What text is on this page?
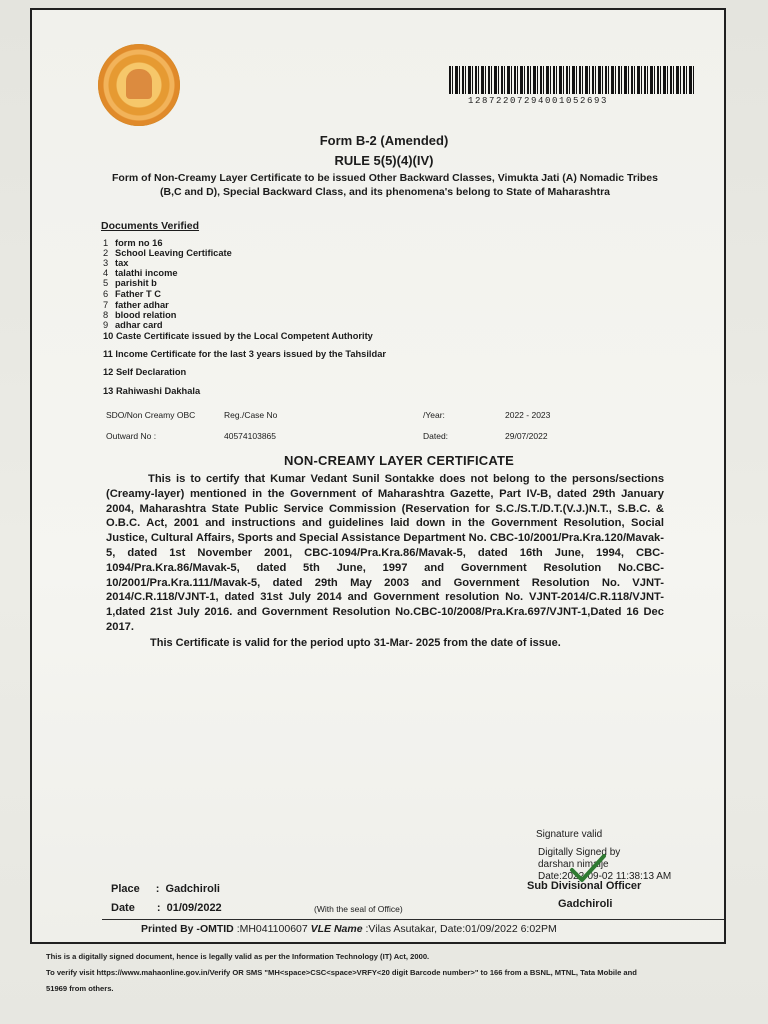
12872207294001052693
Form B-2 (Amended)
RULE 5(5)(4)(IV)
Form of Non-Creamy Layer Certificate to be issued Other Backward Classes, Vimukta Jati (A) Nomadic Tribes (B,C and D), Special Backward Class, and its phenomena's belong to State of Maharashtra
Documents Verified
1 form no 16
2 School Leaving Certificate
3 tax
4 talathi income
5 parishit b
6 Father T C
7 father adhar
8 blood relation
9 adhar card
10 Caste Certificate issued by the Local Competent Authority
11 Income Certificate for the last 3 years issued by the Tahsildar
12 Self Declaration
13 Rahiwashi Dakhala
SDO/Non Creamy OBC	Reg./Case No	/Year:	2022 - 2023
Outward No :	40574103865	Dated:	29/07/2022
NON-CREAMY LAYER CERTIFICATE
This is to certify that Kumar Vedant Sunil Sontakke does not belong to the persons/sections (Creamy-layer) mentioned in the Government of Maharashtra Gazette, Part IV-B, dated 29th January 2004, Maharashtra State Public Service Commission (Reservation for S.C./S.T./D.T.(V.J.)N.T., S.B.C. & O.B.C. Act, 2001 and instructions and guidelines laid down in the Government Resolution, Social Justice, Cultural Affairs, Sports and Special Assistance Department No. CBC-10/2001/Pra.Kra.120/Mavak-5, dated 1st November 2001, CBC-1094/Pra.Kra.86/Mavak-5, dated 16th June, 1994, CBC-1094/Pra.Kra.86/Mavak-5, dated 5th June, 1997 and Government Resolution No.CBC- 10/2001/Pra.Kra.111/Mavak-5, dated 29th May 2003 and Government Resolution No. VJNT-2014/C.R.118/VJNT-1, dated 31st July 2014 and Government resolution No. VJNT-2014/C.R.118/VJNT-1,dated 21st July 2016. and Government Resolution No.CBC-10/2008/Pra.Kra.697/VJNT-1,Dated 16 Dec 2017.
This Certificate is valid for the period upto 31-Mar- 2025 from the date of issue.
Signature valid
Digitally Signed by
darshan nimalje
Date:2022-09-02 11:38:13 AM
Sub Divisional Officer
Gadchiroli
Place :  Gadchiroli
Date :  01/09/2022	(With the seal of Office)
Printed By -OMTID :MH041100607 VLE Name :Vilas Asutakar, Date:01/09/2022 6:02PM
This is a digitally signed document, hence is legally valid as per the Information Technology (IT) Act, 2000.
To verify visit https://www.mahaonline.gov.in/Verify OR SMS "MH<space>CSC<space>VRFY<20 digit Barcode number>" to 166 from a BSNL, MTNL, Tata Mobile and
51969 from others.
